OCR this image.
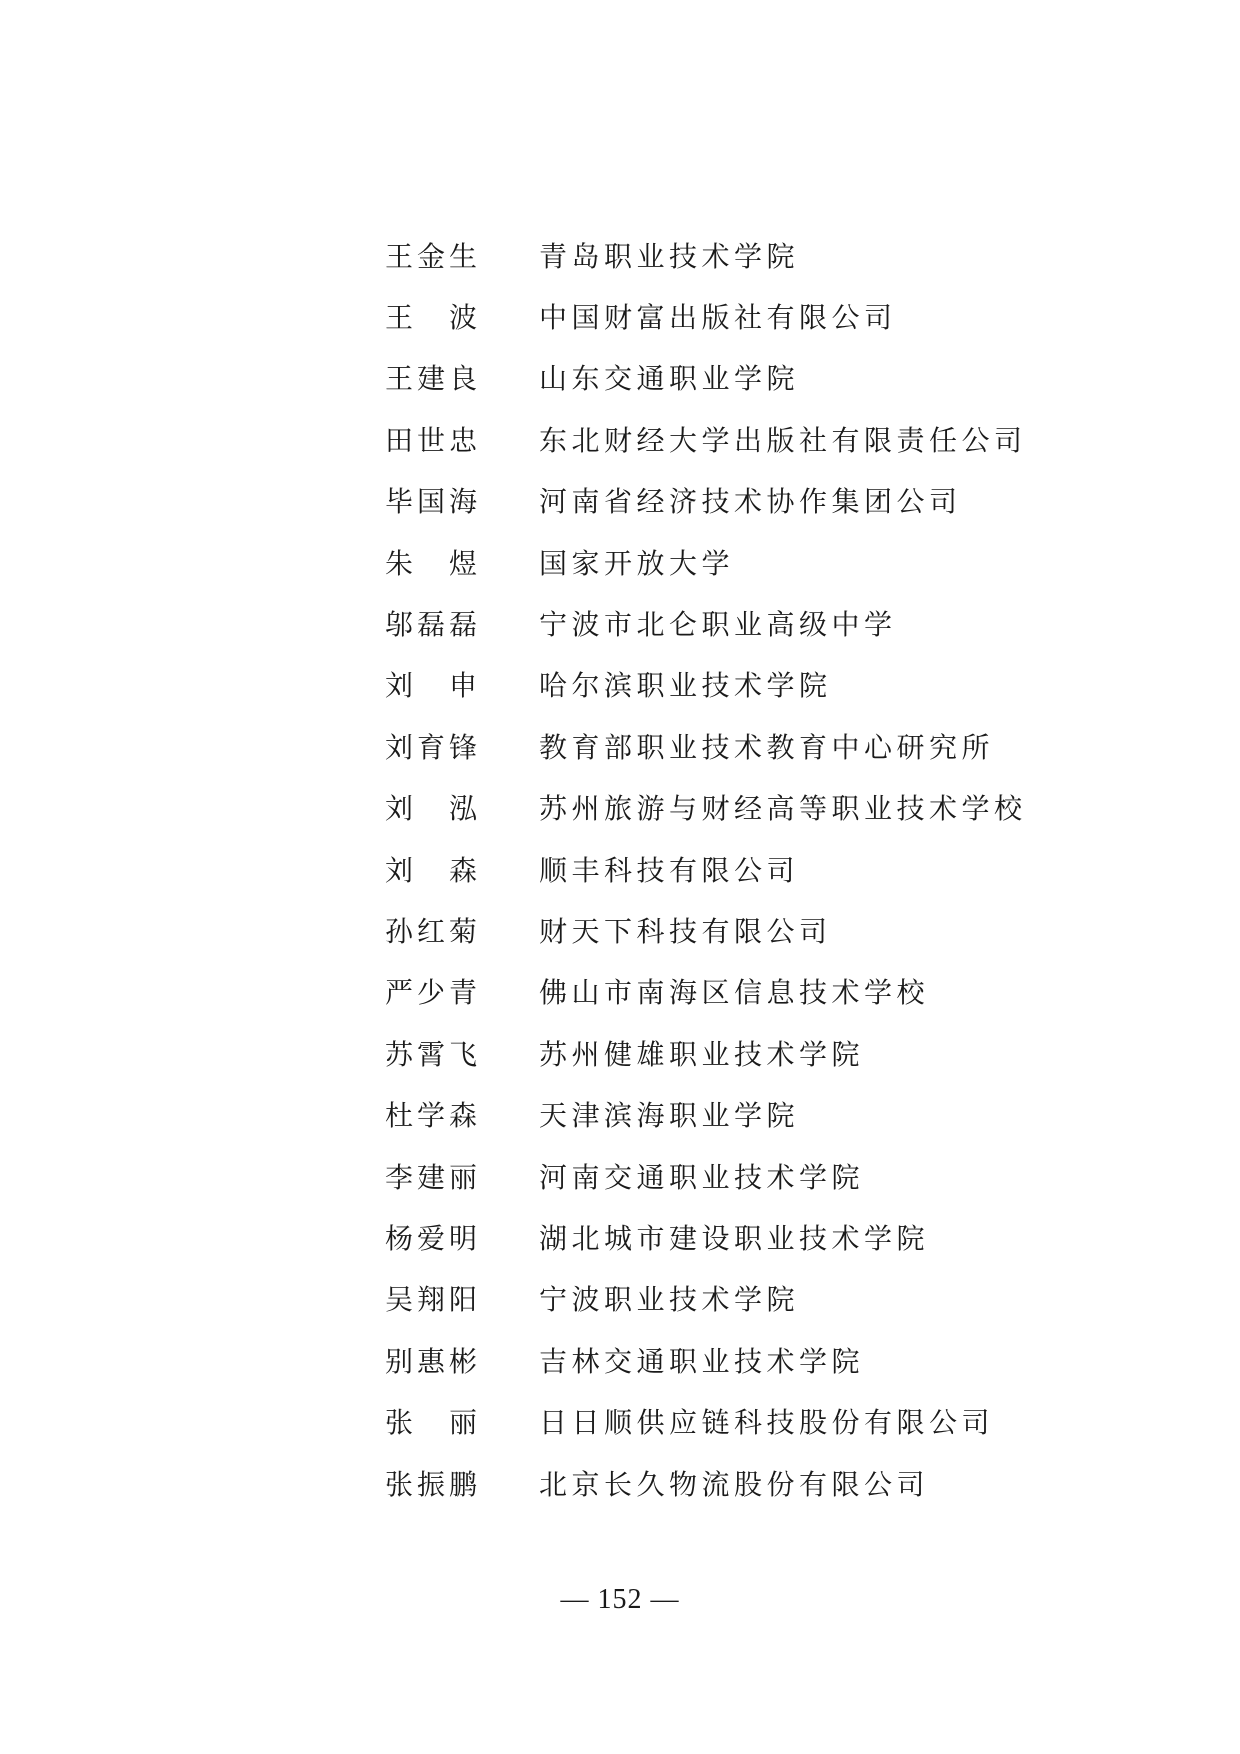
王金生	青岛职业技术学院
王　波	中国财富出版社有限公司
王建良	山东交通职业学院
田世忠	东北财经大学出版社有限责任公司
毕国海	河南省经济技术协作集团公司
朱　煜	国家开放大学
邬磊磊	宁波市北仑职业高级中学
刘　申	哈尔滨职业技术学院
刘育锋	教育部职业技术教育中心研究所
刘　泓	苏州旅游与财经高等职业技术学校
刘　森	顺丰科技有限公司
孙红菊	财天下科技有限公司
严少青	佛山市南海区信息技术学校
苏霄飞	苏州健雄职业技术学院
杜学森	天津滨海职业学院
李建丽	河南交通职业技术学院
杨爱明	湖北城市建设职业技术学院
吴翔阳	宁波职业技术学院
别惠彬	吉林交通职业技术学院
张　丽	日日顺供应链科技股份有限公司
张振鹏	北京长久物流股份有限公司
— 152 —
